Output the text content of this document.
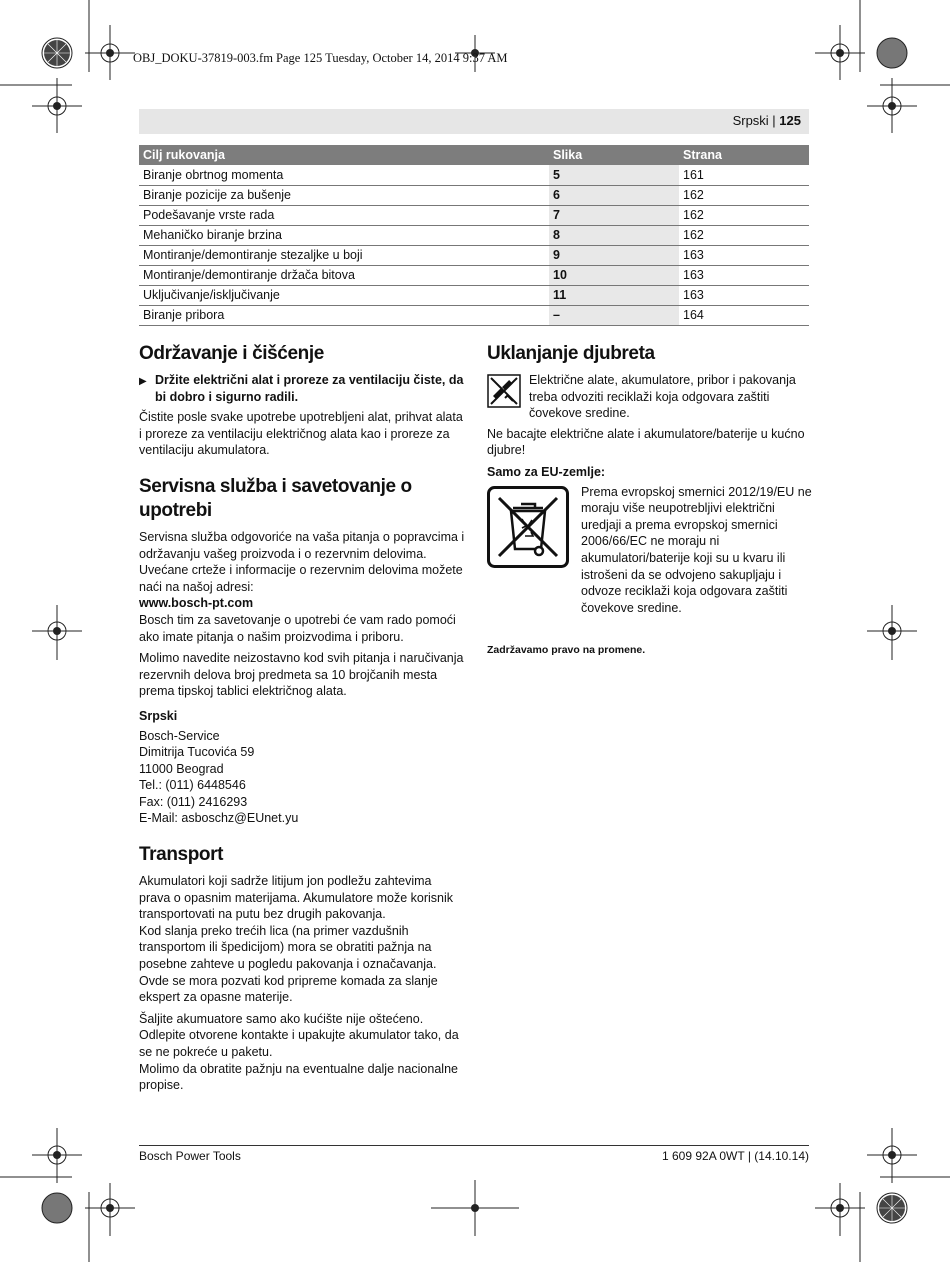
OBJ_DOKU-37819-003.fm Page 125 Tuesday, October 14, 2014 9:37 AM
Srpski | 125
Cilj rukovanja	Slika	Strana
Biranje obrtnog momenta	5	161
Biranje pozicije za bušenje	6	162
Podešavanje vrste rada	7	162
Mehaničko biranje brzina	8	162
Montiranje/demontiranje stezaljke u boji	9	163
Montiranje/demontiranje držača bitova	10	163
Uključivanje/isključivanje	11	163
Biranje pribora	–	164
Održavanje i čišćenje
▶ Držite električni alat i proreze za ventilaciju čiste, da bi dobro i sigurno radili.

Čistite posle svake upotrebe upotrebljeni alat, prihvat alata i proreze za ventilaciju električnog alata kao i proreze za ventilaciju akumulatora.

Servisna služba i savetovanje o upotrebi

Servisna služba odgovoriće na vaša pitanja o popravcima i održavanju vašeg proizvoda i o rezervnim delovima. Uvećane crteže i informacije o rezervnim delovima možete naći na našoj adresi:

www.bosch-pt.com

Bosch tim za savetovanje o upotrebi će vam rado pomoći ako imate pitanja o našim proizvodima i priboru.

Molimo navedite neizostavno kod svih pitanja i naručivanja rezervnih delova broj predmeta sa 10 brojčanih mesta prema tipskoj tablici električnog alata.

Srpski

Bosch-Service

Dimitrija Tucovića 59

11000 Beograd

Tel.: (011) 6448546

Fax: (011) 2416293

E-Mail: asboschz@EUnet.yu

Transport

Akumulatori koji sadrže litijum jon podležu zahtevima prava o opasnim materijama. Akumulatore može korisnik transportovati na putu bez drugih pakovanja.

Kod slanja preko trećih lica (na primer vazdušnih transportom ili špedicijom) mora se obratiti pažnja na posebne zahteve u pogledu pakovanja i označavanja. Ovde se mora pozvati kod pripreme komada za slanje ekspert za opasne materije.

Šaljite akumuatore samo ako kućište nije oštećeno. Odlepite otvorene kontakte i upakujte akumulator tako, da se ne pokreće u paketu.

Molimo da obratite pažnju na eventualne dalje nacionalne propise.

Uklanjanje djubreta
Električne alate, akumulatore, pribor i pakovanja treba odvoziti reciklaži koja odgovara zaštiti čovekove sredine.

Ne bacajte električne alate i akumulatore/baterije u kućno djubre!

Samo za EU-zemlje:

Prema evropskoj smernici 2012/19/EU ne moraju više neupotrebljivi električni uredjaji a prema evropskoj smernici 2006/66/EC ne moraju ni akumulatori/baterije koji su u kvaru ili istrošeni da se odvojeno sakupljaju i odvoze reciklaži koja odgovara zaštiti čovekove sredine.

Zadržavamo pravo na promene.

Bosch Power Tools	1 609 92A 0WT | (14.10.14)
